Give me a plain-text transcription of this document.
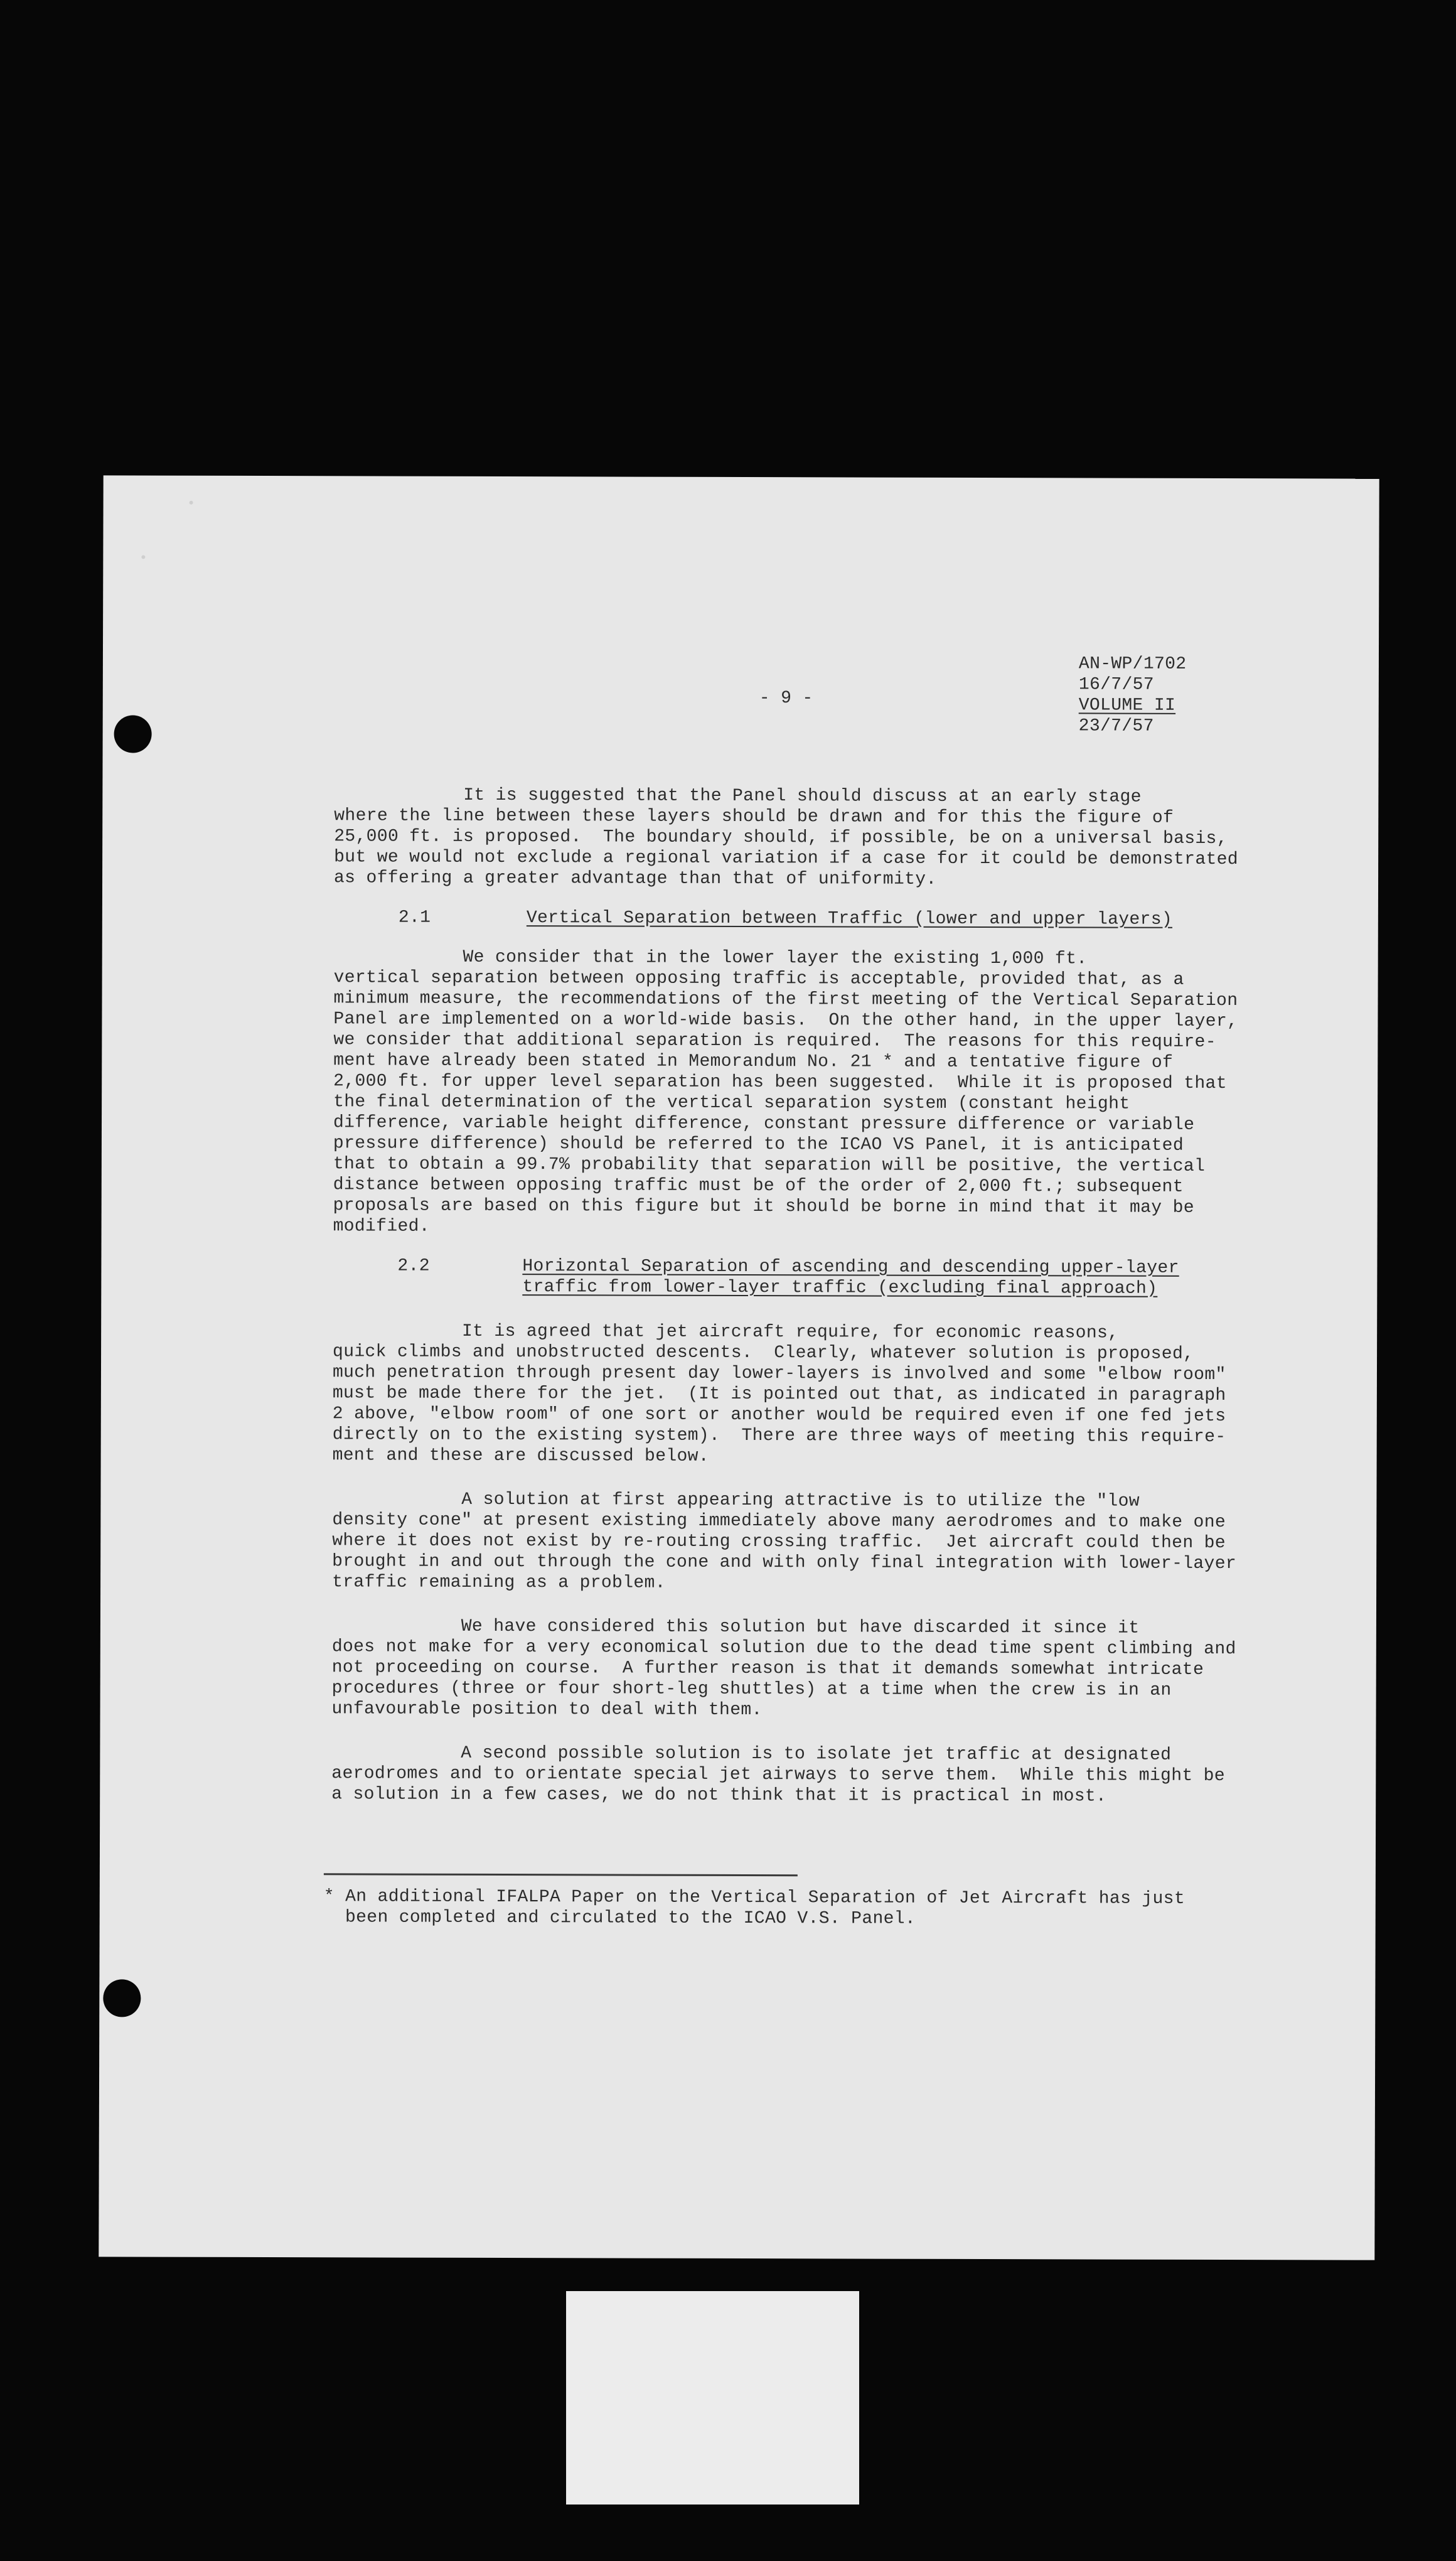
- 9 -
AN-WP/1702
16/7/57
VOLUME II
23/7/57
It is suggested that the Panel should discuss at an early stage
where the line between these layers should be drawn and for this the figure of
25,000 ft. is proposed.  The boundary should, if possible, be on a universal basis,
but we would not exclude a regional variation if a case for it could be demonstrated
as offering a greater advantage than that of uniformity.
2.1	Vertical Separation between Traffic (lower and upper layers)
We consider that in the lower layer the existing 1,000 ft.
vertical separation between opposing traffic is acceptable, provided that, as a
minimum measure, the recommendations of the first meeting of the Vertical Separation
Panel are implemented on a world-wide basis.  On the other hand, in the upper layer,
we consider that additional separation is required.  The reasons for this require-
ment have already been stated in Memorandum No. 21 * and a tentative figure of
2,000 ft. for upper level separation has been suggested.  While it is proposed that
the final determination of the vertical separation system (constant height
difference, variable height difference, constant pressure difference or variable
pressure difference) should be referred to the ICAO VS Panel, it is anticipated
that to obtain a 99.7% probability that separation will be positive, the vertical
distance between opposing traffic must be of the order of 2,000 ft.; subsequent
proposals are based on this figure but it should be borne in mind that it may be
modified.
2.2	Horizontal Separation of ascending and descending upper-layer
traffic from lower-layer traffic (excluding final approach)
It is agreed that jet aircraft require, for economic reasons,
quick climbs and unobstructed descents.  Clearly, whatever solution is proposed,
much penetration through present day lower-layers is involved and some "elbow room"
must be made there for the jet.  (It is pointed out that, as indicated in paragraph
2 above, "elbow room" of one sort or another would be required even if one fed jets
directly on to the existing system).  There are three ways of meeting this require-
ment and these are discussed below.
A solution at first appearing attractive is to utilize the "low
density cone" at present existing immediately above many aerodromes and to make one
where it does not exist by re-routing crossing traffic.  Jet aircraft could then be
brought in and out through the cone and with only final integration with lower-layer
traffic remaining as a problem.
We have considered this solution but have discarded it since it
does not make for a very economical solution due to the dead time spent climbing and
not proceeding on course.  A further reason is that it demands somewhat intricate
procedures (three or four short-leg shuttles) at a time when the crew is in an
unfavourable position to deal with them.
A second possible solution is to isolate jet traffic at designated
aerodromes and to orientate special jet airways to serve them.  While this might be
a solution in a few cases, we do not think that it is practical in most.
* An additional IFALPA Paper on the Vertical Separation of Jet Aircraft has just
been completed and circulated to the ICAO V.S. Panel.
